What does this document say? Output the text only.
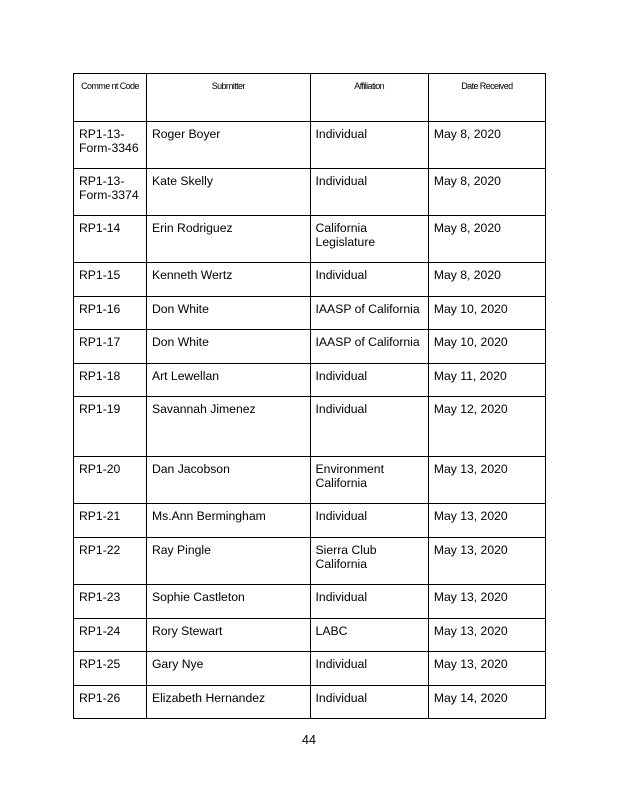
Comme nt Code	Submitter	Affiliation	Date Received
RP1-13-Form-3346	Roger Boyer	Individual	May 8, 2020
RP1-13-Form-3374	Kate Skelly	Individual	May 8, 2020
RP1-14	Erin Rodriguez	California Legislature	May 8, 2020
RP1-15	Kenneth Wertz	Individual	May 8, 2020
RP1-16	Don White	IAASP of California	May 10, 2020
RP1-17	Don White	IAASP of California	May 10, 2020
RP1-18	Art Lewellan	Individual	May 11, 2020
RP1-19	Savannah Jimenez	Individual	May 12, 2020
RP1-20	Dan Jacobson	Environment California	May 13, 2020
RP1-21	Ms.Ann Bermingham	Individual	May 13, 2020
RP1-22	Ray Pingle	Sierra Club California	May 13, 2020
RP1-23	Sophie Castleton	Individual	May 13, 2020
RP1-24	Rory Stewart	LABC	May 13, 2020
RP1-25	Gary Nye	Individual	May 13, 2020
RP1-26	Elizabeth Hernandez	Individual	May 14, 2020
44
